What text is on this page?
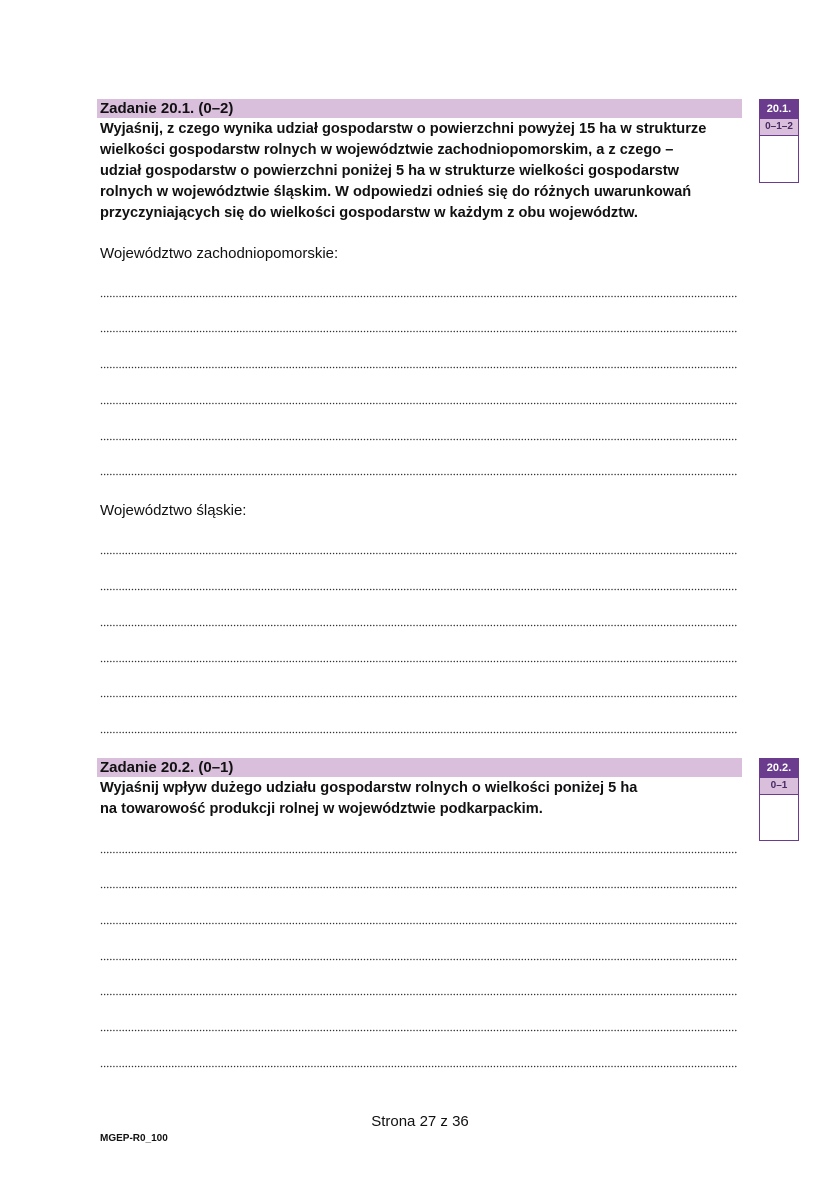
Zadanie 20.1. (0–2)
Wyjaśnij, z czego wynika udział gospodarstw o powierzchni powyżej 15 ha w strukturze
wielkości gospodarstw rolnych w województwie zachodniopomorskim, a z czego –
udział gospodarstw o powierzchni poniżej 5 ha w strukturze wielkości gospodarstw
rolnych w województwie śląskim. W odpowiedzi odnieś się do różnych uwarunkowań
przyczyniających się do wielkości gospodarstw w każdym z obu województw.
20.1.
0–1–2
Województwo zachodniopomorskie:
Województwo śląskie:
Zadanie 20.2. (0–1)
Wyjaśnij wpływ dużego udziału gospodarstw rolnych o wielkości poniżej 5 ha
na towarowość produkcji rolnej w województwie podkarpackim.
20.2.
0–1
Strona 27 z 36
MGEP-R0_100
